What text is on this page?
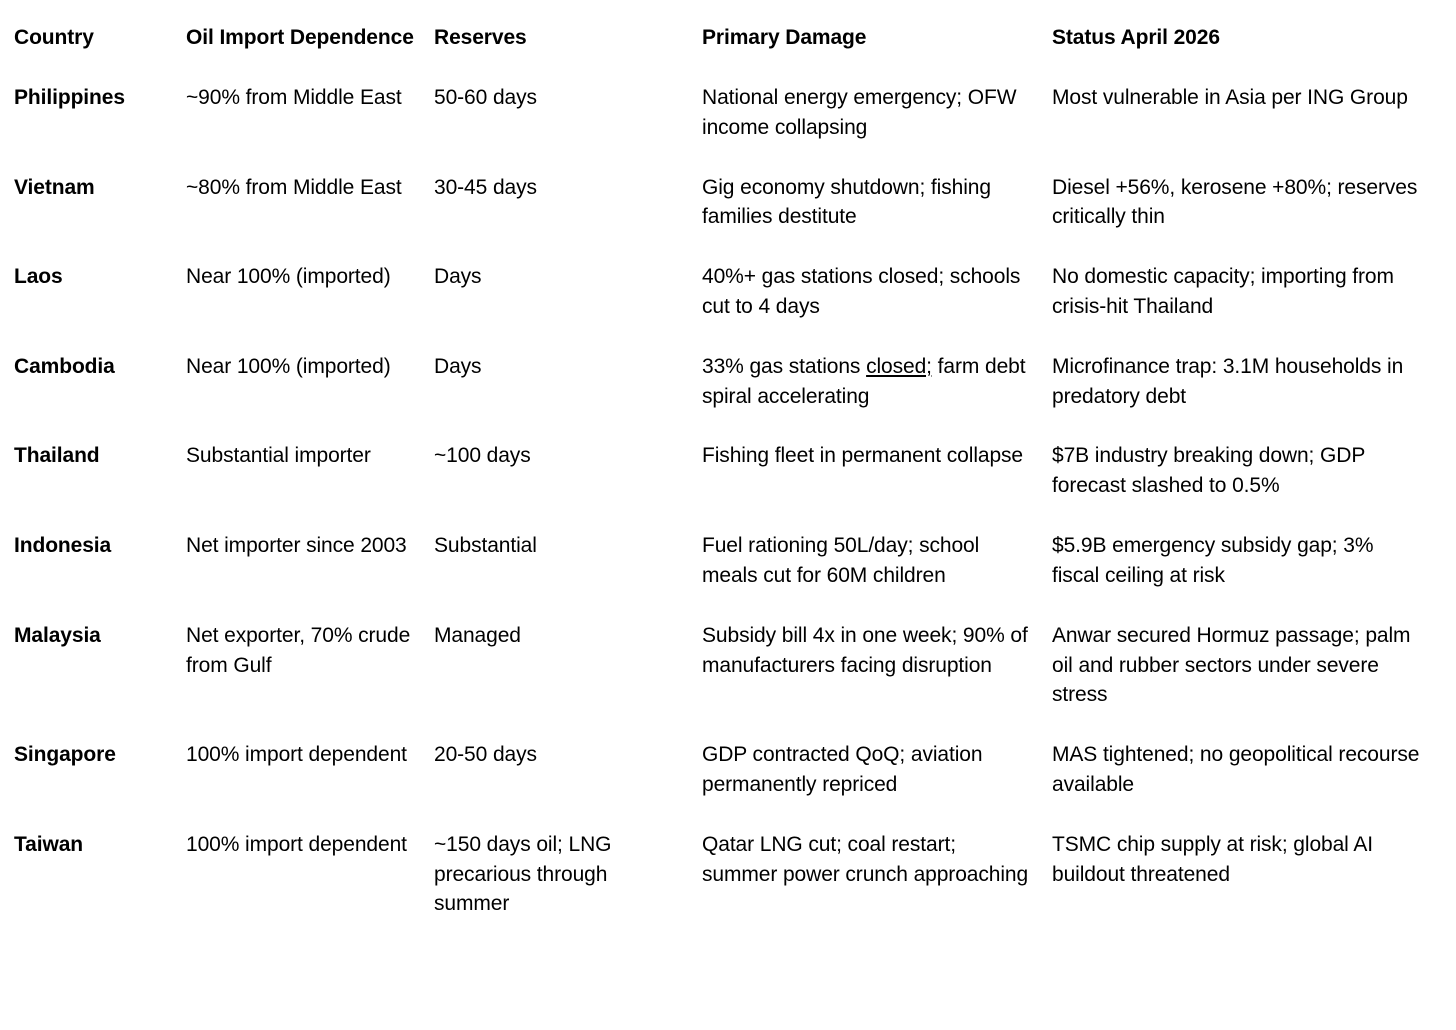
Country	Oil Import Dependence	Reserves	Primary Damage	Status April 2026
Philippines	~90% from Middle East	50-60 days	National energy emergency; OFW income collapsing	Most vulnerable in Asia per ING Group
Vietnam	~80% from Middle East	30-45 days	Gig economy shutdown; fishing families destitute	Diesel +56%, kerosene +80%; reserves critically thin
Laos	Near 100% (imported)	Days	40%+ gas stations closed; schools cut to 4 days	No domestic capacity; importing from crisis-hit Thailand
Cambodia	Near 100% (imported)	Days	33% gas stations closed; farm debt spiral accelerating	Microfinance trap: 3.1M households in predatory debt
Thailand	Substantial importer	~100 days	Fishing fleet in permanent collapse	$7B industry breaking down; GDP forecast slashed to 0.5%
Indonesia	Net importer since 2003	Substantial	Fuel rationing 50L/day; school meals cut for 60M children	$5.9B emergency subsidy gap; 3% fiscal ceiling at risk
Malaysia	Net exporter, 70% crude from Gulf	Managed	Subsidy bill 4x in one week; 90% of manufacturers facing disruption	Anwar secured Hormuz passage; palm oil and rubber sectors under severe stress
Singapore	100% import dependent	20-50 days	GDP contracted QoQ; aviation permanently repriced	MAS tightened; no geopolitical recourse available
Taiwan	100% import dependent	~150 days oil; LNG precarious through summer	Qatar LNG cut; coal restart; summer power crunch approaching	TSMC chip supply at risk; global AI buildout threatened
